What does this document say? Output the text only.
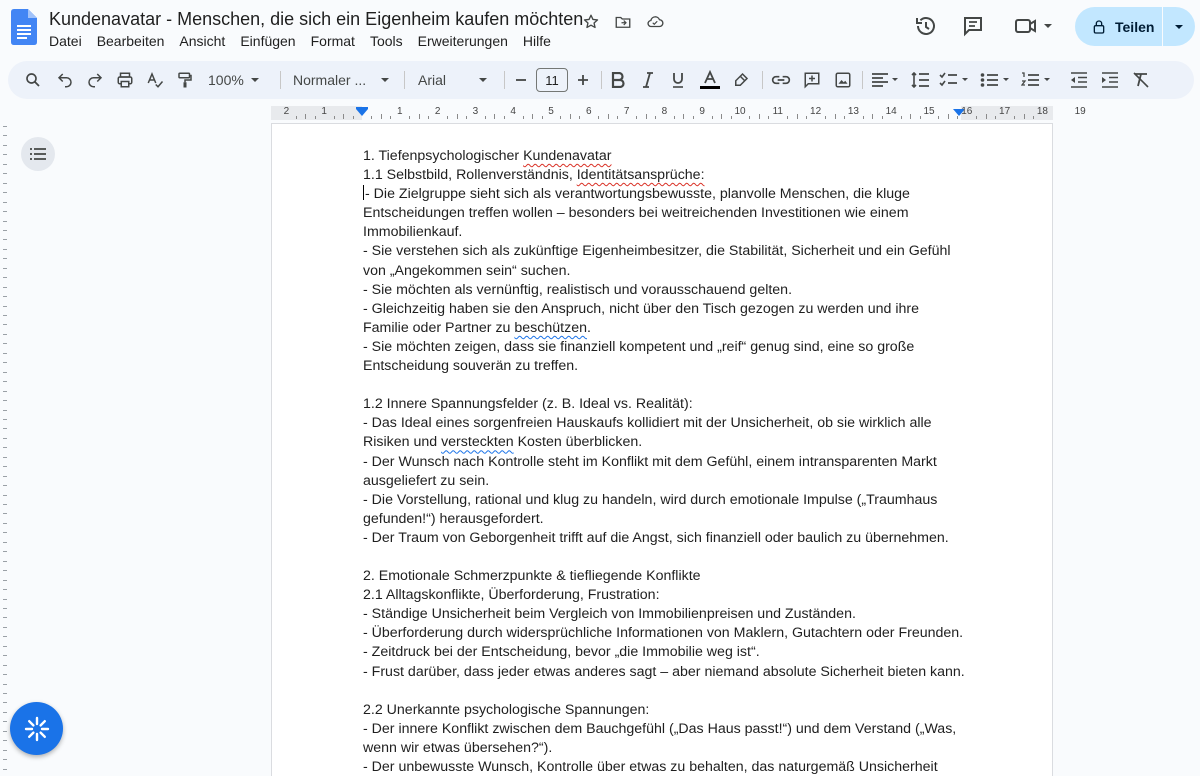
Kundenavatar - Menschen, die sich ein Eigenheim kaufen möchten
Datei Bearbeiten Ansicht Einfügen Format Tools Erweiterungen Hilfe
Teilen
100%	Normaler ...	Arial	11
2	1	1	2	3	4	5	6	7	8	9	10	11	12	13	14	15	16	17	18	19

1. Tiefenpsychologischer Kundenavatar

1.1 Selbstbild, Rollenverständnis, Identitätsansprüche:

- Die Zielgruppe sieht sich als verantwortungsbewusste, planvolle Menschen, die kluge

Entscheidungen treffen wollen – besonders bei weitreichenden Investitionen wie einem

Immobilienkauf.

- Sie verstehen sich als zukünftige Eigenheimbesitzer, die Stabilität, Sicherheit und ein Gefühl

von „Angekommen sein“ suchen.

- Sie möchten als vernünftig, realistisch und vorausschauend gelten.

- Gleichzeitig haben sie den Anspruch, nicht über den Tisch gezogen zu werden und ihre

Familie oder Partner zu beschützen.

- Sie möchten zeigen, dass sie finanziell kompetent und „reif“ genug sind, eine so große

Entscheidung souverän zu treffen.

1.2 Innere Spannungsfelder (z. B. Ideal vs. Realität):

- Das Ideal eines sorgenfreien Hauskaufs kollidiert mit der Unsicherheit, ob sie wirklich alle

Risiken und versteckten Kosten überblicken.

- Der Wunsch nach Kontrolle steht im Konflikt mit dem Gefühl, einem intransparenten Markt

ausgeliefert zu sein.

- Die Vorstellung, rational und klug zu handeln, wird durch emotionale Impulse („Traumhaus

gefunden!“) herausgefordert.

- Der Traum von Geborgenheit trifft auf die Angst, sich finanziell oder baulich zu übernehmen.

2. Emotionale Schmerzpunkte & tiefliegende Konflikte

2.1 Alltagskonflikte, Überforderung, Frustration:

- Ständige Unsicherheit beim Vergleich von Immobilienpreisen und Zuständen.

- Überforderung durch widersprüchliche Informationen von Maklern, Gutachtern oder Freunden.

- Zeitdruck bei der Entscheidung, bevor „die Immobilie weg ist“.

- Frust darüber, dass jeder etwas anderes sagt – aber niemand absolute Sicherheit bieten kann.

2.2 Unerkannte psychologische Spannungen:

- Der innere Konflikt zwischen dem Bauchgefühl („Das Haus passt!“) und dem Verstand („Was,

wenn wir etwas übersehen?“).

- Der unbewusste Wunsch, Kontrolle über etwas zu behalten, das naturgemäß Unsicherheit
